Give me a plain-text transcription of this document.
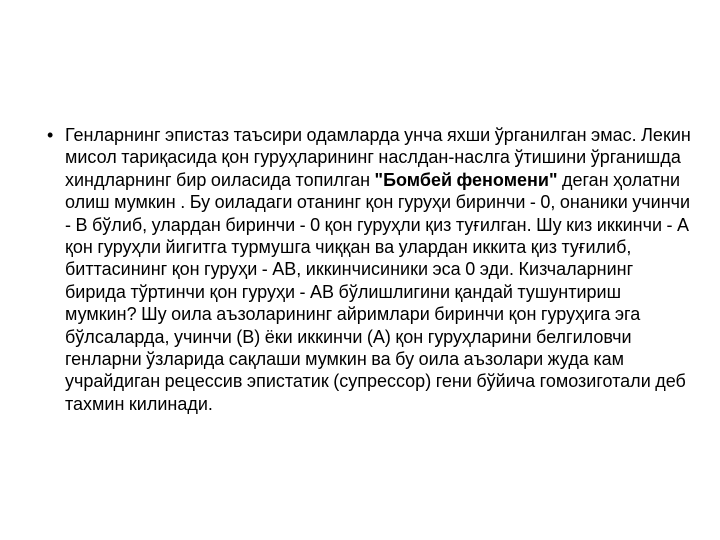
• Генларнинг эпистаз таъсири одамларда унча яхши ўрганилган эмас. Лекин мисол тариқасида қон гуруҳларининг наслдан-наслга ўтишини ўрганишда хиндларнинг бир оиласида топилган "Бомбей феномени" деган ҳолатни олиш мумкин . Бу оиладаги отанинг қон гуруҳи биринчи - 0, онаники учинчи - В бўлиб, улардан биринчи - 0 қон гуруҳли қиз туғилган. Шу киз иккинчи - А қон гуруҳли йигитга турмушга чиққан ва улардан иккита қиз туғилиб, биттасининг қон гуруҳи - АВ, иккинчисиники эса 0 эди. Кизчаларнинг бирида тўртинчи қон гуруҳи - АВ бўлишлигини қандай тушунтириш мумкин? Шу оила аъзоларининг айримлари биринчи қон гуруҳига эга бўлсаларда, учинчи (В) ёки иккинчи (А) қон гуруҳларини белгиловчи генларни ўзларида сақлаши мумкин ва бу оила аъзолари жуда кам учрайдиган рецессив эпистатик (супрессор) гени бўйича гомозиготали деб тахмин килинади.
